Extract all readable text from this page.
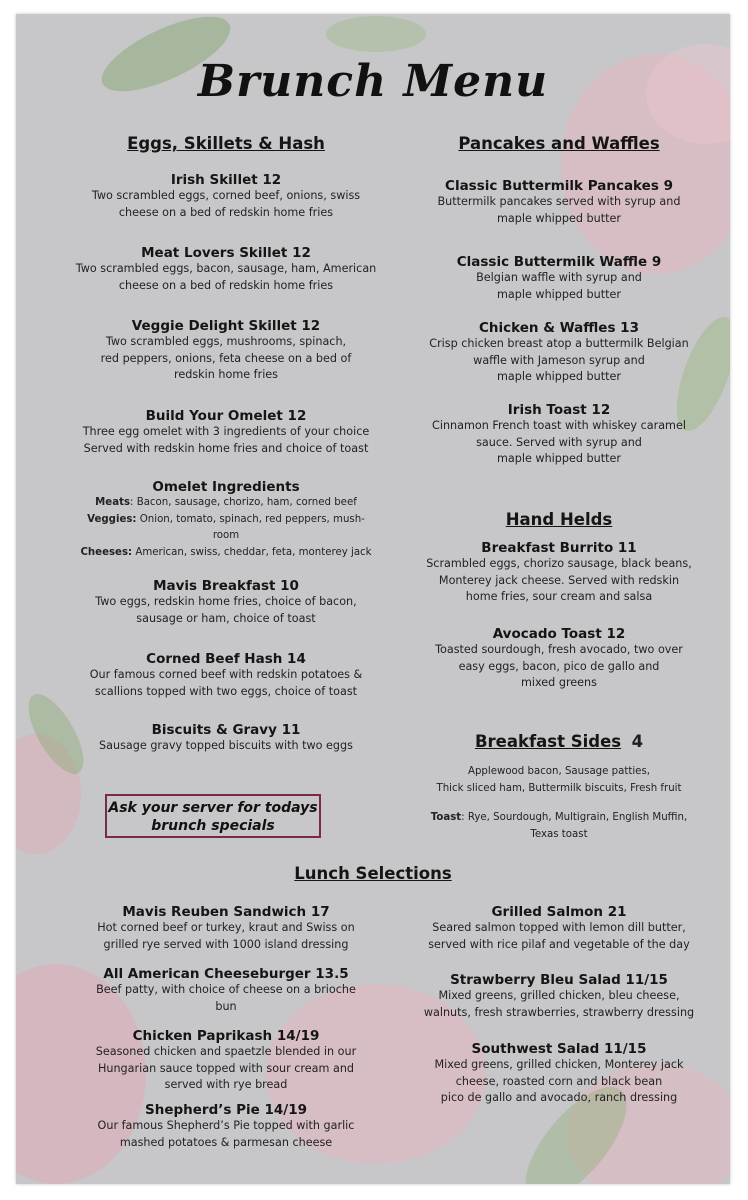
Brunch Menu
Eggs, Skillets & Hash
Irish Skillet 12
Two scrambled eggs, corned beef, onions, swiss
cheese on a bed of redskin home fries
Meat Lovers Skillet 12
Two scrambled eggs, bacon, sausage, ham, American
cheese on a bed of redskin home fries
Veggie Delight Skillet 12
Two scrambled eggs, mushrooms, spinach,
red peppers, onions, feta cheese on a bed of
redskin home fries
Build Your Omelet 12
Three egg omelet with 3 ingredients of your choice
Served with redskin home fries and choice of toast
Omelet Ingredients
Meats: Bacon, sausage, chorizo, ham, corned beef
Veggies: Onion, tomato, spinach, red peppers, mush-
room
Cheeses: American, swiss, cheddar, feta, monterey jack
Mavis Breakfast 10
Two eggs, redskin home fries, choice of bacon,
sausage or ham, choice of toast
Corned Beef Hash 14
Our famous corned beef with redskin potatoes &
scallions topped with two eggs, choice of toast
Biscuits & Gravy 11
Sausage gravy topped biscuits with two eggs
Ask your server for todays
brunch specials
Pancakes and Waffles
Classic Buttermilk Pancakes 9
Buttermilk pancakes served with syrup and
maple whipped butter
Classic Buttermilk Waffle 9
Belgian waffle with syrup and
maple whipped butter
Chicken & Waffles 13
Crisp chicken breast atop a buttermilk Belgian
waffle with Jameson syrup and
maple whipped butter
Irish Toast 12
Cinnamon French toast with whiskey caramel
sauce. Served with syrup and
maple whipped butter
Hand Helds
Breakfast Burrito 11
Scrambled eggs, chorizo sausage, black beans,
Monterey jack cheese. Served with redskin
home fries, sour cream and salsa
Avocado Toast 12
Toasted sourdough, fresh avocado, two over
easy eggs, bacon, pico de gallo and
mixed greens
Breakfast Sides 4
Applewood bacon, Sausage patties,
Thick sliced ham, Buttermilk biscuits, Fresh fruit
Toast: Rye, Sourdough, Multigrain, English Muffin,
Texas toast
Lunch Selections
Mavis Reuben Sandwich 17
Hot corned beef or turkey, kraut and Swiss on
grilled rye served with 1000 island dressing
All American Cheeseburger 13.5
Beef patty, with choice of cheese on a brioche
bun
Chicken Paprikash 14/19
Seasoned chicken and spaetzle blended in our
Hungarian sauce topped with sour cream and
served with rye bread
Shepherd’s Pie 14/19
Our famous Shepherd’s Pie topped with garlic
mashed potatoes & parmesan cheese
Grilled Salmon 21
Seared salmon topped with lemon dill butter,
served with rice pilaf and vegetable of the day
Strawberry Bleu Salad 11/15
Mixed greens, grilled chicken, bleu cheese,
walnuts, fresh strawberries, strawberry dressing
Southwest Salad 11/15
Mixed greens, grilled chicken, Monterey jack
cheese, roasted corn and black bean
pico de gallo and avocado, ranch dressing
